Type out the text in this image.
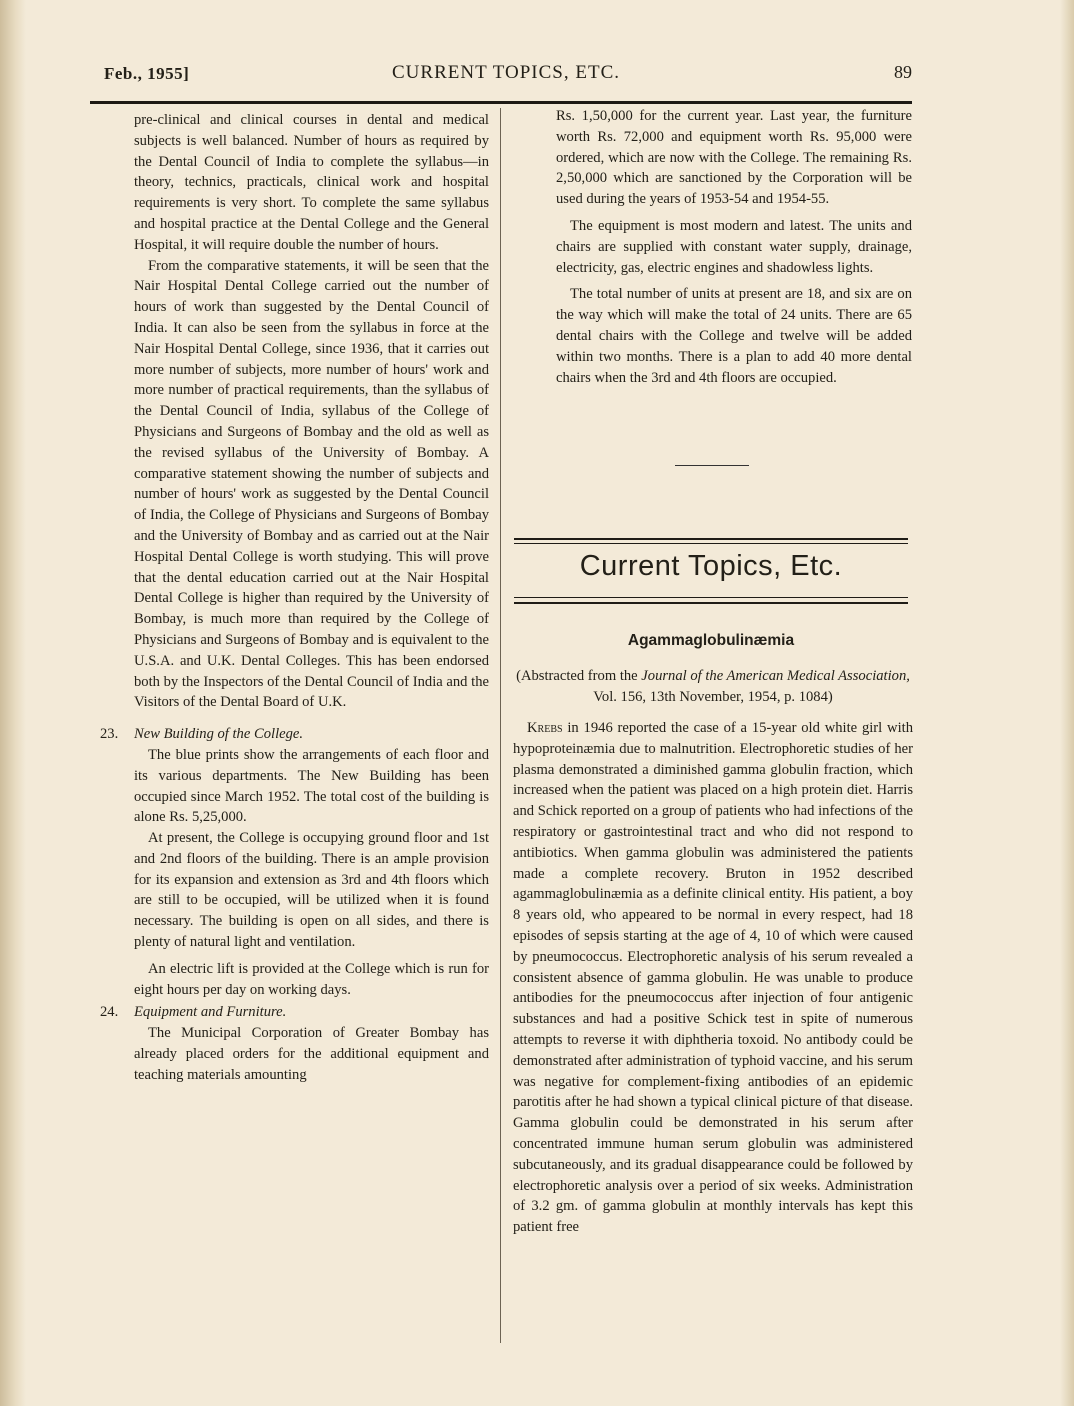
Feb., 1955]	CURRENT TOPICS, ETC.	89

pre-clinical and clinical courses in dental and medical subjects is well balanced. Number of hours as required by the Dental Council of India to complete the syllabus—in theory, technics, practicals, clinical work and hospital requirements is very short. To complete the same syllabus and hospital practice at the Dental College and the General Hospital, it will require double the number of hours.

From the comparative statements, it will be seen that the Nair Hospital Dental College carried out the number of hours of work than suggested by the Dental Council of India. It can also be seen from the syllabus in force at the Nair Hospital Dental College, since 1936, that it carries out more number of subjects, more number of hours' work and more number of practical requirements, than the syllabus of the Dental Council of India, syllabus of the College of Physicians and Surgeons of Bombay and the old as well as the revised syllabus of the University of Bombay. A comparative statement showing the number of subjects and number of hours' work as suggested by the Dental Council of India, the College of Physicians and Surgeons of Bombay and the University of Bombay and as carried out at the Nair Hospital Dental College is worth studying. This will prove that the dental education carried out at the Nair Hospital Dental College is higher than required by the University of Bombay, is much more than required by the College of Physicians and Surgeons of Bombay and is equivalent to the U.S.A. and U.K. Dental Colleges. This has been endorsed both by the Inspectors of the Dental Council of India and the Visitors of the Dental Board of U.K.

23. New Building of the College.

The blue prints show the arrangements of each floor and its various departments. The New Building has been occupied since March 1952. The total cost of the building is alone Rs. 5,25,000.

At present, the College is occupying ground floor and 1st and 2nd floors of the building. There is an ample provision for its expansion and extension as 3rd and 4th floors which are still to be occupied, will be utilized when it is found necessary. The building is open on all sides, and there is plenty of natural light and ventilation.

An electric lift is provided at the College which is run for eight hours per day on working days.

24. Equipment and Furniture.

The Municipal Corporation of Greater Bombay has already placed orders for the additional equipment and teaching materials amounting

Rs. 1,50,000 for the current year. Last year, the furniture worth Rs. 72,000 and equipment worth Rs. 95,000 were ordered, which are now with the College. The remaining Rs. 2,50,000 which are sanctioned by the Corporation will be used during the years of 1953-54 and 1954-55.

The equipment is most modern and latest. The units and chairs are supplied with constant water supply, drainage, electricity, gas, electric engines and shadowless lights.

The total number of units at present are 18, and six are on the way which will make the total of 24 units. There are 65 dental chairs with the College and twelve will be added within two months. There is a plan to add 40 more dental chairs when the 3rd and 4th floors are occupied.

Current Topics, Etc.
Agammaglobulinæmia
(Abstracted from the Journal of the American Medical Association, Vol. 156, 13th November, 1954, p. 1084)

Krebs in 1946 reported the case of a 15-year old white girl with hypoproteinæmia due to malnutrition. Electrophoretic studies of her plasma demonstrated a diminished gamma globulin fraction, which increased when the patient was placed on a high protein diet. Harris and Schick reported on a group of patients who had infections of the respiratory or gastrointestinal tract and who did not respond to antibiotics. When gamma globulin was administered the patients made a complete recovery. Bruton in 1952 described agammaglobulinæmia as a definite clinical entity. His patient, a boy 8 years old, who appeared to be normal in every respect, had 18 episodes of sepsis starting at the age of 4, 10 of which were caused by pneumococcus. Electrophoretic analysis of his serum revealed a consistent absence of gamma globulin. He was unable to produce antibodies for the pneumococcus after injection of four antigenic substances and had a positive Schick test in spite of numerous attempts to reverse it with diphtheria toxoid. No antibody could be demonstrated after administration of typhoid vaccine, and his serum was negative for complement-fixing antibodies of an epidemic parotitis after he had shown a typical clinical picture of that disease. Gamma globulin could be demonstrated in his serum after concentrated immune human serum globulin was administered subcutaneously, and its gradual disappearance could be followed by electrophoretic analysis over a period of six weeks. Administration of 3.2 gm. of gamma globulin at monthly intervals has kept this patient free
